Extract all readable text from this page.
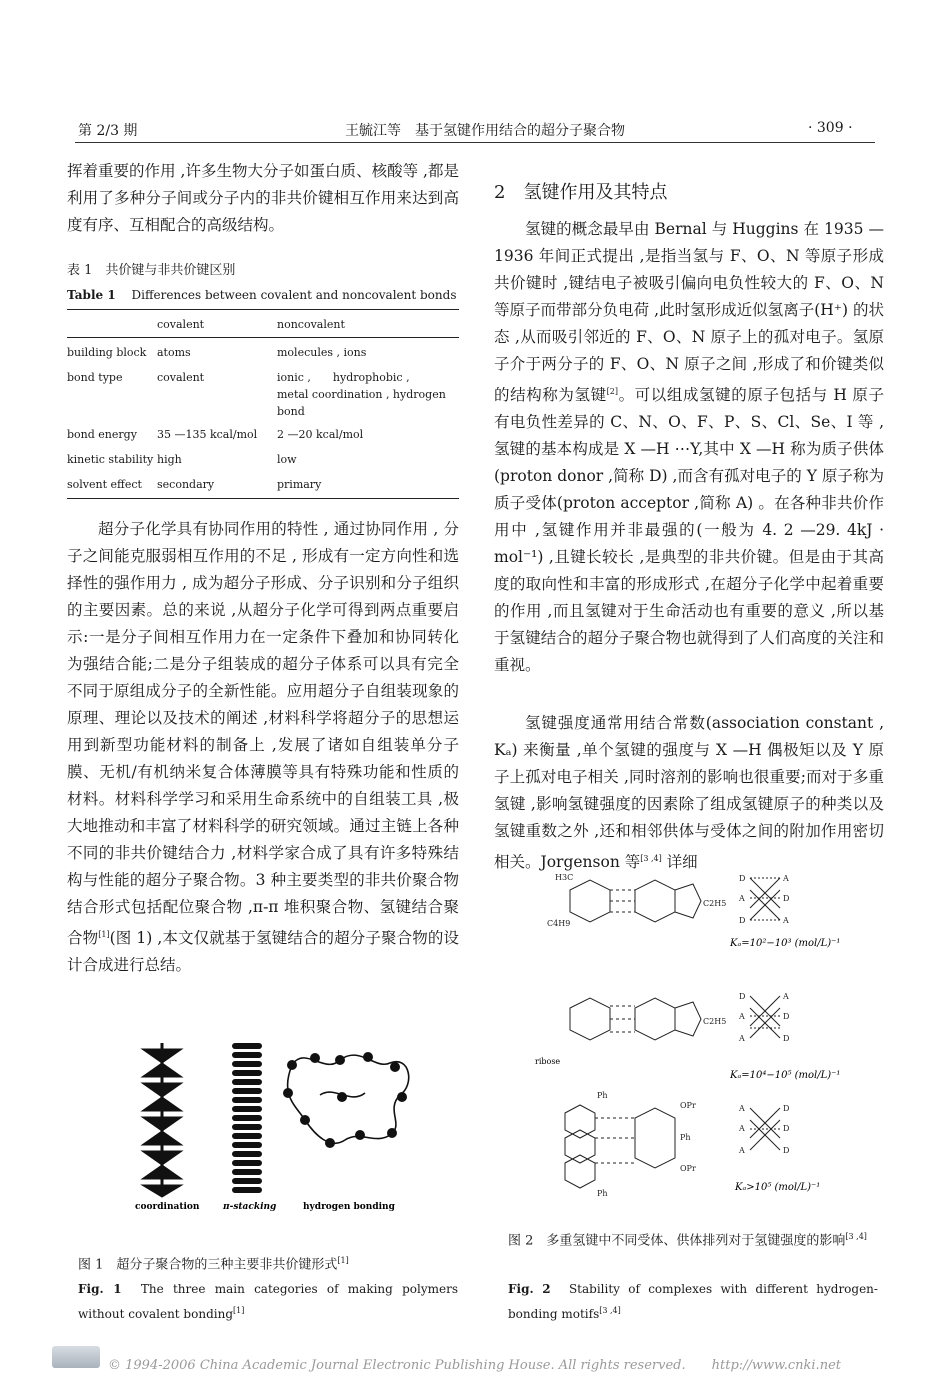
第 2/3 期	王毓江等　基于氢键作用结合的超分子聚合物	· 309 ·

挥着重要的作用 ,许多生物大分子如蛋白质、核酸等 ,都是利用了多种分子间或分子内的非共价键相互作用来达到高度有序、互相配合的高级结构。

表 1　共价键与非共价键区别
Table 1 Differences between covalent and noncovalent bonds
	covalent	noncovalent
building block	atoms	molecules , ions
bond type	covalent	ionic ,　　hydrophobic ,　　metal coordination , hydrogen bond
bond energy	35 —135 kcal/mol	2 —20 kcal/mol
kinetic stability	high	low
solvent effect	secondary	primary

超分子化学具有协同作用的特性 , 通过协同作用 , 分子之间能克服弱相互作用的不足 , 形成有一定方向性和选择性的强作用力 , 成为超分子形成、分子识别和分子组织的主要因素。总的来说 ,从超分子化学可得到两点重要启示:一是分子间相互作用力在一定条件下叠加和协同转化为强结合能;二是分子组装成的超分子体系可以具有完全不同于原组成分子的全新性能。应用超分子自组装现象的原理、理论以及技术的阐述 ,材料科学将超分子的思想运用到新型功能材料的制备上 ,发展了诸如自组装单分子膜、无机/有机纳米复合体薄膜等具有特殊功能和性质的材料。材料科学学习和采用生命系统中的自组装工具 ,极大地推动和丰富了材料科学的研究领域。通过主链上各种不同的非共价键结合力 ,材料学家合成了具有许多特殊结构与性能的超分子聚合物。3 种主要类型的非共价聚合物结合形式包括配位聚合物 ,π-π 堆积聚合物、氢键结合聚合物[1](图 1) ,本文仅就基于氢键结合的超分子聚合物的设计合成进行总结。

coordination	π-stacking	hydrogen bonding
图 1　超分子聚合物的三种主要非共价键形式[1]
Fig. 1 The three main categories of making polymers without covalent bonding[1]
2　氢键作用及其特点

氢键的概念最早由 Bernal 与 Huggins 在 1935 —1936 年间正式提出 ,是指当氢与 F、O、N 等原子形成共价键时 ,键结电子被吸引偏向电负性较大的 F、O、N 等原子而带部分负电荷 ,此时氢形成近似氢离子(H⁺) 的状态 ,从而吸引邻近的 F、O、N 原子上的孤对电子。氢原子介于两分子的 F、O、N 原子之间 ,形成了和价键类似的结构称为氢键[2]。可以组成氢键的原子包括与 H 原子有电负性差异的 C、N、O、F、P、S、Cl、Se、I 等 ,氢键的基本构成是 X —H ⋯Y,其中 X —H 称为质子供体(proton donor ,简称 D) ,而含有孤对电子的 Y 原子称为质子受体(proton acceptor ,简称 A) 。在各种非共价作用中 ,氢键作用并非最强的(一般为 4. 2 —29. 4kJ · mol⁻¹) ,且键长较长 ,是典型的非共价键。但是由于其高度的取向性和丰富的形成形式 ,在超分子化学中起着重要的作用 ,而且氢键对于生命活动也有重要的意义 ,所以基于氢键结合的超分子聚合物也就得到了人们高度的关注和重视。

氢键强度通常用结合常数(association constant , Kₐ) 来衡量 ,单个氢键的强度与 X —H 偶极矩以及 Y 原子上孤对电子相关 ,同时溶剂的影响也很重要;而对于多重氢键 ,影响氢键强度的因素除了组成氢键原子的种类以及氢键重数之外 ,还和相邻供体与受体之间的附加作用密切相关。Jorgenson 等[3 ,4] 详细

H3C
C4H9
C2H5
D	A
A	D
D	A
Kₐ=10²−10³ (mol/L)⁻¹
C2H5
ribose
D	A
A	D
A	D
Kₐ=10⁴−10⁵ (mol/L)⁻¹
Ph
Ph
OPr
Ph
OPr
A	D
A	D
A	D
Kₐ>10⁵ (mol/L)⁻¹
图 2　多重氢键中不同受体、供体排列对于氢键强度的影响[3 ,4]
Fig. 2 Stability of complexes with different hydrogen-bonding motifs[3 ,4]
© 1994-2006 China Academic Journal Electronic Publishing House. All rights reserved.　　http://www.cnki.net
